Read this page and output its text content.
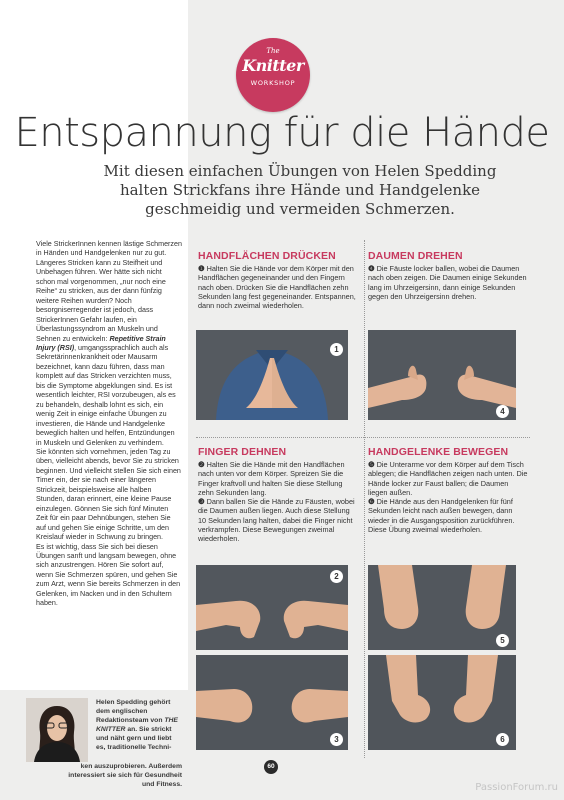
The
Knitter
WORKSHOP
Entspannung für die Hände
Mit diesen einfachen Übungen von Helen Spedding halten Strickfans ihre Hände und Handgelenke geschmeidig und vermeiden Schmerzen.

Viele StrickerInnen kennen lästige Schmerzen in Händen und Handgelenken nur zu gut. Längeres Stricken kann zu Steifheit und Unbehagen führen. Wer hätte sich nicht schon mal vorgenommen, „nur noch eine Reihe“ zu stricken, aus der dann fünfzig weitere Reihen wurden? Noch besorgniserregender ist jedoch, dass StrickerInnen Gefahr laufen, ein Überlastungssyndrom an Muskeln und Sehnen zu entwickeln: Repetitive Strain Injury (RSI), umgangssprachlich auch als Sekretärinnenkrankheit oder Mausarm bezeichnet, kann dazu führen, dass man komplett auf das Stricken verzichten muss, bis die Symptome abgeklungen sind. Es ist wesentlich leichter, RSI vorzubeugen, als es zu behandeln, deshalb lohnt es sich, ein wenig Zeit in einige einfache Übungen zu investieren, die Hände und Handgelenke beweglich halten und helfen, Entzündungen in Muskeln und Gelenken zu verhindern.

Sie könnten sich vornehmen, jeden Tag zu üben, vielleicht abends, bevor Sie zu stricken beginnen. Und vielleicht stellen Sie sich einen Timer ein, der sie nach einer längeren Strickzeit, beispielsweise alle halben Stunden, daran erinnert, eine kleine Pause einzulegen. Gönnen Sie sich fünf Minuten Zeit für ein paar Dehnübungen, stehen Sie auf und gehen Sie einige Schritte, um den Kreislauf wieder in Schwung zu bringen.

Es ist wichtig, dass Sie sich bei diesen Übungen sanft und langsam bewegen, ohne sich anzustrengen. Hören Sie sofort auf, wenn Sie Schmerzen spüren, und gehen Sie zum Arzt, wenn Sie bereits Schmerzen in den Gelenken, im Nacken und in den Schultern haben.

Helen Spedding gehört dem englischen Redaktionsteam von THE KNITTER an. Sie strickt und näht gern und liebt es, traditionelle Techni-
ken auszuprobieren. Außerdem interessiert sie sich für Gesundheit und Fitness.
HANDFLÄCHEN DRÜCKEN

❶ Halten Sie die Hände vor dem Körper mit den Handflächen gegeneinander und den Fingern nach oben. Drücken Sie die Handflächen zehn Sekunden lang fest gegeneinander. Entspannen, dann noch zweimal wiederholen.

1
DAUMEN DREHEN

❹ Die Fäuste locker ballen, wobei die Daumen nach oben zeigen. Die Daumen einige Sekunden lang im Uhrzeigersinn, dann einige Sekunden gegen den Uhrzeigersinn drehen.

4
FINGER DEHNEN

❷ Halten Sie die Hände mit den Handflächen nach unten vor dem Körper. Spreizen Sie die Finger kraftvoll und halten Sie diese Stellung zehn Sekunden lang.

❸ Dann ballen Sie die Hände zu Fäusten, wobei die Daumen außen liegen. Auch diese Stellung 10 Sekunden lang halten, dabei die Finger nicht verkrampfen. Diese Bewegungen zweimal wiederholen.

2
3
HANDGELENKE BEWEGEN

❺ Die Unterarme vor dem Körper auf dem Tisch ablegen; die Handflächen zeigen nach unten. Die Hände locker zur Faust ballen; die Daumen liegen außen.

❻ Die Hände aus den Handgelenken für fünf Sekunden leicht nach außen bewegen, dann wieder in die Ausgangsposition zurückführen. Diese Übung zweimal wiederholen.

5
6
60
PassionForum.ru
